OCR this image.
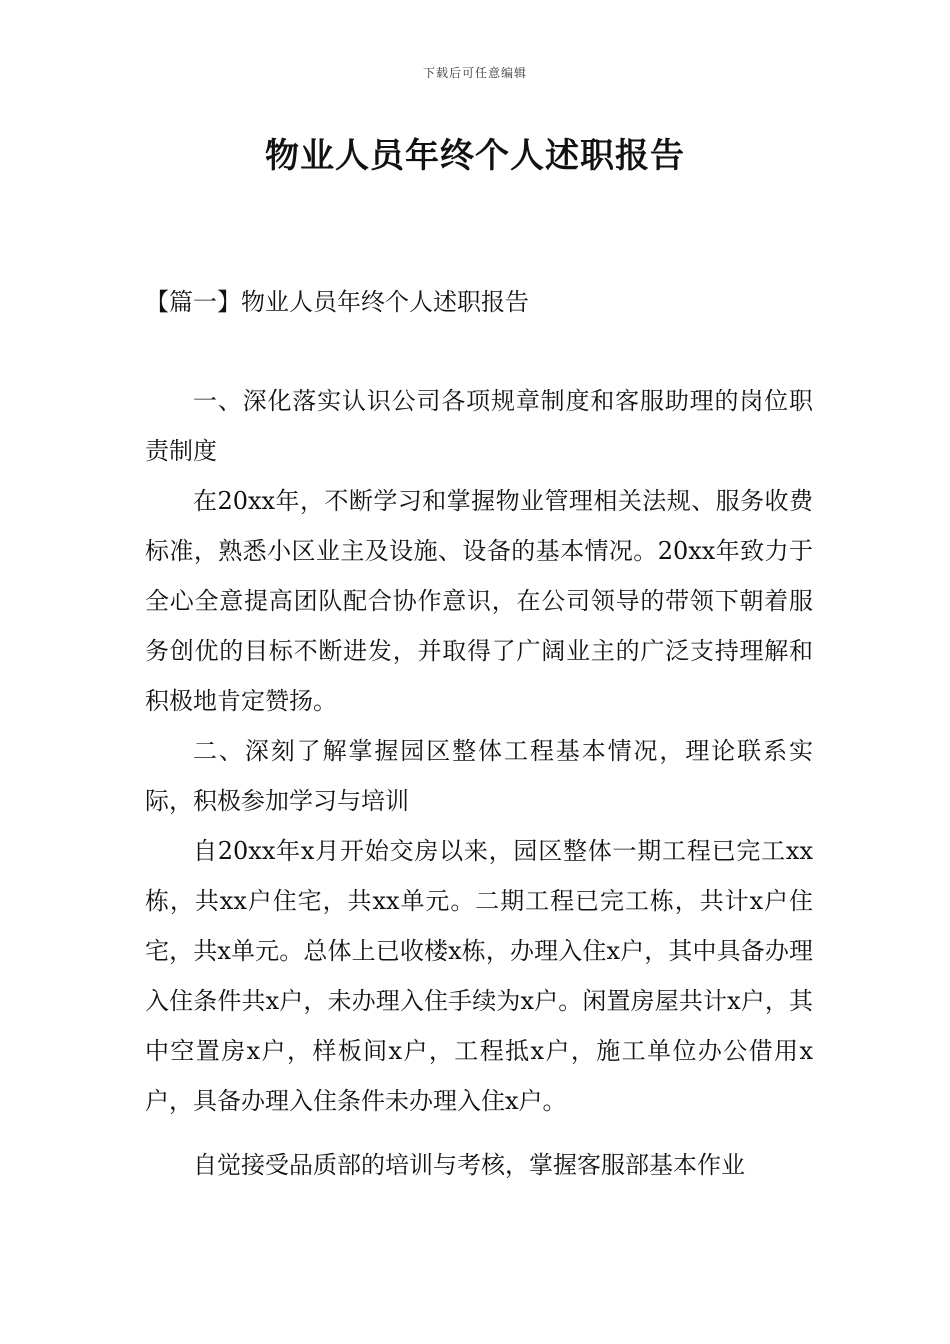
下载后可任意编辑
物业人员年终个人述职报告
【篇一】物业人员年终个人述职报告

一、深化落实认识公司各项规章制度和客服助理的岗位职责制度

在20xx年，不断学习和掌握物业管理相关法规、服务收费标准，熟悉小区业主及设施、设备的基本情况。20xx年致力于全心全意提高团队配合协作意识，在公司领导的带领下朝着服务创优的目标不断进发，并取得了广阔业主的广泛支持理解和积极地肯定赞扬。

二、深刻了解掌握园区整体工程基本情况，理论联系实际，积极参加学习与培训

自20xx年x月开始交房以来，园区整体一期工程已完工xx栋，共xx户住宅，共xx单元。二期工程已完工栋，共计x户住宅，共x单元。总体上已收楼x栋，办理入住x户，其中具备办理入住条件共x户，未办理入住手续为x户。闲置房屋共计x户，其中空置房x户，样板间x户，工程抵x户，施工单位办公借用x户，具备办理入住条件未办理入住x户。

自觉接受品质部的培训与考核，掌握客服部基本作业
